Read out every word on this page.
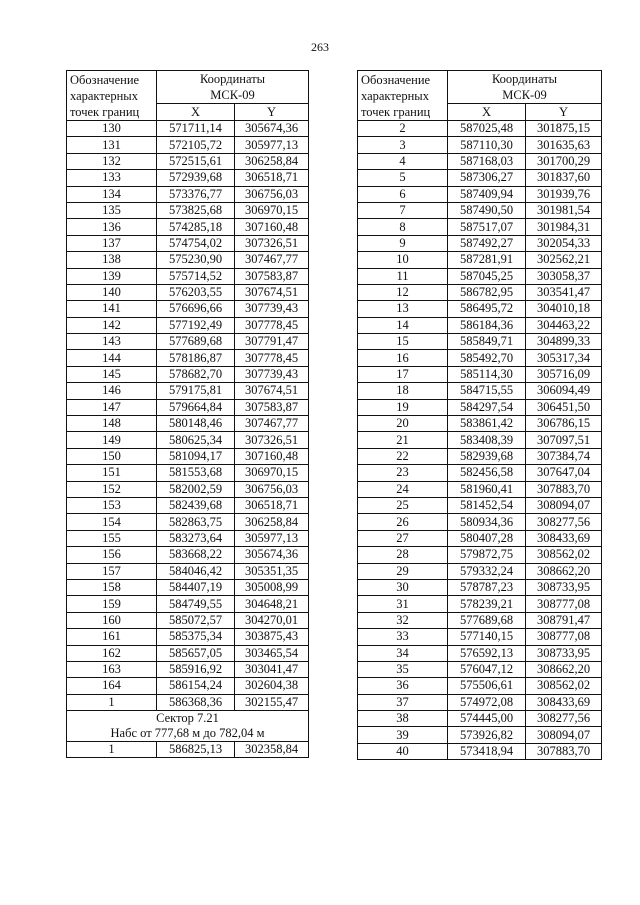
263
Обозначение
характерных
точек границ	Координаты
МСК-09	
	X	Y
130	571711,14	305674,36
131	572105,72	305977,13
132	572515,61	306258,84
133	572939,68	306518,71
134	573376,77	306756,03
135	573825,68	306970,15
136	574285,18	307160,48
137	574754,02	307326,51
138	575230,90	307467,77
139	575714,52	307583,87
140	576203,55	307674,51
141	576696,66	307739,43
142	577192,49	307778,45
143	577689,68	307791,47
144	578186,87	307778,45
145	578682,70	307739,43
146	579175,81	307674,51
147	579664,84	307583,87
148	580148,46	307467,77
149	580625,34	307326,51
150	581094,17	307160,48
151	581553,68	306970,15
152	582002,59	306756,03
153	582439,68	306518,71
154	582863,75	306258,84
155	583273,64	305977,13
156	583668,22	305674,36
157	584046,42	305351,35
158	584407,19	305008,99
159	584749,55	304648,21
160	585072,57	304270,01
161	585375,34	303875,43
162	585657,05	303465,54
163	585916,92	303041,47
164	586154,24	302604,38
1	586368,36	302155,47
Сектор 7.21
Набс от 777,68 м до 782,04 м		
1	586825,13	302358,84
Обозначение
характерных
точек границ	Координаты
МСК-09	
	X	Y
2	587025,48	301875,15
3	587110,30	301635,63
4	587168,03	301700,29
5	587306,27	301837,60
6	587409,94	301939,76
7	587490,50	301981,54
8	587517,07	301984,31
9	587492,27	302054,33
10	587281,91	302562,21
11	587045,25	303058,37
12	586782,95	303541,47
13	586495,72	304010,18
14	586184,36	304463,22
15	585849,71	304899,33
16	585492,70	305317,34
17	585114,30	305716,09
18	584715,55	306094,49
19	584297,54	306451,50
20	583861,42	306786,15
21	583408,39	307097,51
22	582939,68	307384,74
23	582456,58	307647,04
24	581960,41	307883,70
25	581452,54	308094,07
26	580934,36	308277,56
27	580407,28	308433,69
28	579872,75	308562,02
29	579332,24	308662,20
30	578787,23	308733,95
31	578239,21	308777,08
32	577689,68	308791,47
33	577140,15	308777,08
34	576592,13	308733,95
35	576047,12	308662,20
36	575506,61	308562,02
37	574972,08	308433,69
38	574445,00	308277,56
39	573926,82	308094,07
40	573418,94	307883,70
